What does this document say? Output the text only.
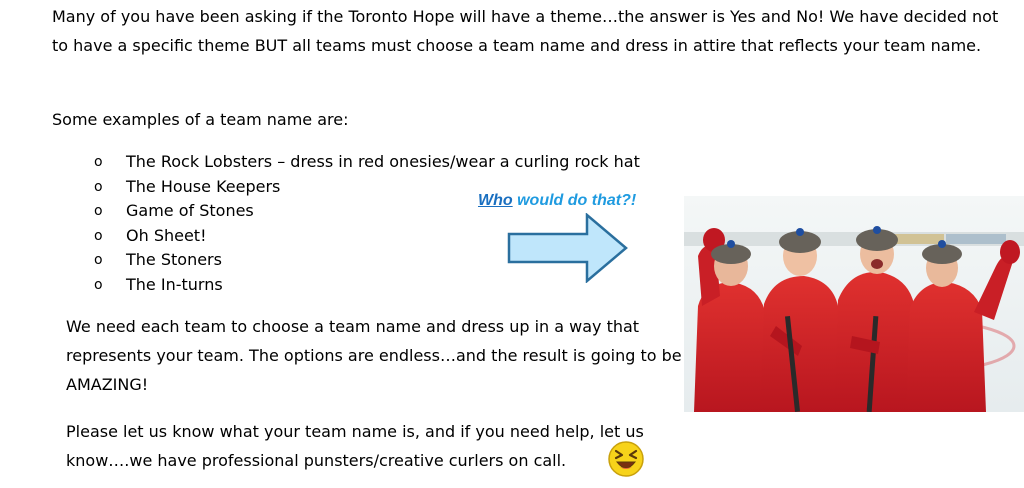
Many of you have been asking if the Toronto Hope will have a theme…the answer is Yes and No! We have decided not to have a specific theme BUT all teams must choose a team name and dress in attire that reflects your team name.

Some examples of a team name are:

o The Rock Lobsters – dress in red onesies/wear a curling rock hat
o The House Keepers
o Game of Stones
o Oh Sheet!
o The Stoners
o The In-turns
Who would do that?!

We need each team to choose a team name and dress up in a way that represents your team. The options are endless…and the result is going to be AMAZING!

Please let us know what your team name is, and if you need help, let us know….we have professional punsters/creative curlers on call.
